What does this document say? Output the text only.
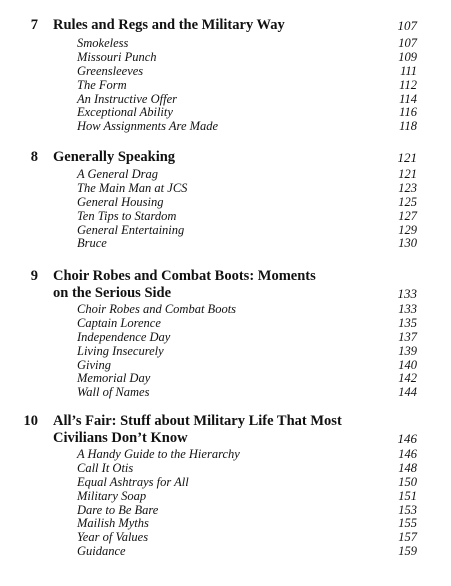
7 Rules and Regs and the Military Way	107
Smokeless	107
Missouri Punch	109
Greensleeves	111
The Form	112
An Instructive Offer	114
Exceptional Ability	116
How Assignments Are Made	118
8 Generally Speaking	121
A General Drag	121
The Main Man at JCS	123
General Housing	125
Ten Tips to Stardom	127
General Entertaining	129
Bruce	130
9 Choir Robes and Combat Boots: Moments
on the Serious Side	133
Choir Robes and Combat Boots	133
Captain Lorence	135
Independence Day	137
Living Insecurely	139
Giving	140
Memorial Day	142
Wall of Names	144
10 All’s Fair: Stuff about Military Life That Most
Civilians Don’t Know	146
A Handy Guide to the Hierarchy	146
Call It Otis	148
Equal Ashtrays for All	150
Military Soap	151
Dare to Be Bare	153
Mailish Myths	155
Year of Values	157
Guidance	159
